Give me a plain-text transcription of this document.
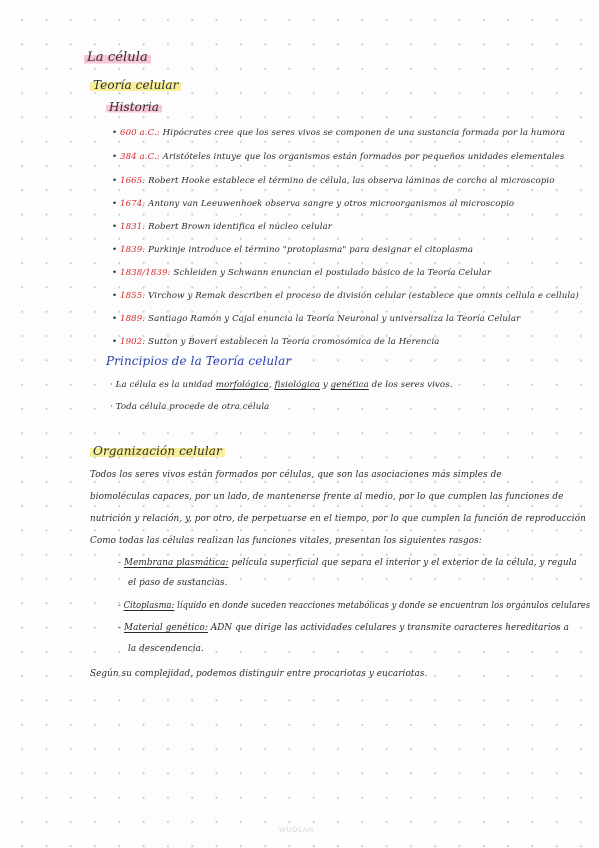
La célula
Teoría celular
Historia
• 600 a.C.: Hipócrates cree que los seres vivos se componen de una sustancia formada por la humora
• 384 a.C.: Aristóteles intuye que los organismos están formados por pequeños unidades elementales
• 1665: Robert Hooke establece el término de célula, las observa láminas de corcho al microscopio
• 1674: Antony van Leeuwenhoek observa sangre y otros microorganismos al microscopio
• 1831: Robert Brown identifica el núcleo celular
• 1839: Purkinje introduce el término "protoplasma" para designar el citoplasma
• 1838/1839: Schleiden y Schwann enuncian el postulado básico de la Teoría Celular
• 1855: Virchow y Remak describen el proceso de división celular (establece que omnis cellula e cellula)
• 1889: Santiago Ramón y Cajal enuncia la Teoría Neuronal y universaliza la Teoría Celular
• 1902: Sutton y Boveri establecen la Teoría cromosómica de la Herencia
Principios de la Teoría celular
· La célula es la unidad morfológica, fisiológica y genética de los seres vivos.
· Toda célula procede de otra célula
Organización celular
Todos los seres vivos están formados por células, que son las asociaciones más simples de
biomoléculas capaces, por un lado, de mantenerse frente al medio, por lo que cumplen las funciones de
nutrición y relación, y, por otro, de perpetuarse en el tiempo, por lo que cumplen la función de reproducción
Como todas las células realizan las funciones vitales, presentan los siguientes rasgos:
- Membrana plasmática: película superficial que separa el interior y el exterior de la célula, y regula
el paso de sustancias.
- Citoplasma: líquido en donde suceden reacciones metabólicas y donde se encuentran los orgánulos celulares
- Material genético: ADN que dirige las actividades celulares y transmite caracteres hereditarios a
la descendencia.
Según su complejidad, podemos distinguir entre procariotas y eucariotas.
WUOLAH
